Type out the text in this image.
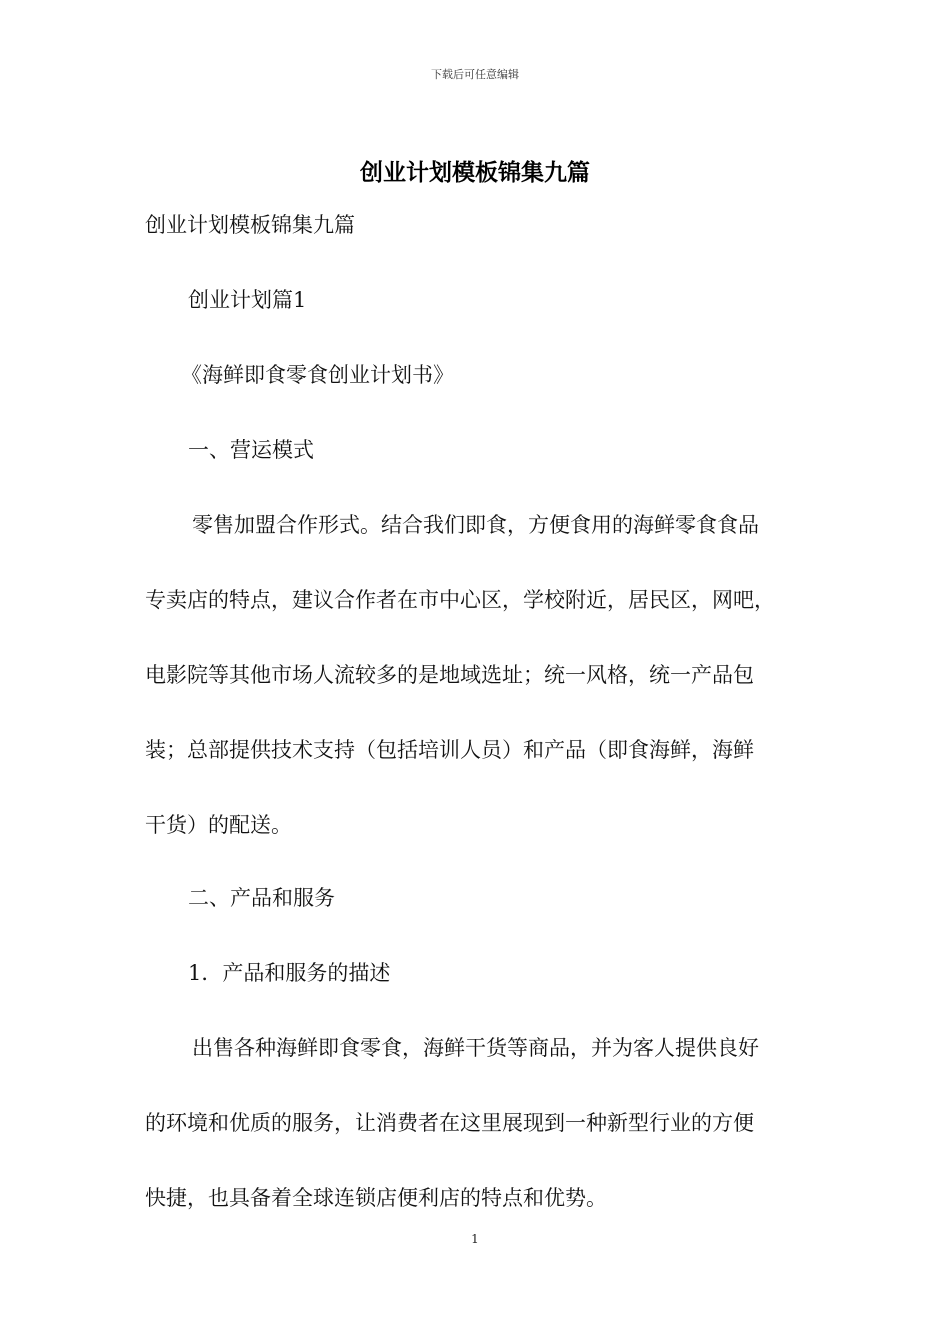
下载后可任意编辑
创业计划模板锦集九篇
创业计划模板锦集九篇
创业计划篇1
《海鲜即食零食创业计划书》
一、营运模式
零售加盟合作形式。结合我们即食，方便食用的海鲜零食食品
专卖店的特点，建议合作者在市中心区，学校附近，居民区，网吧，
电影院等其他市场人流较多的是地域选址；统一风格，统一产品包
装；总部提供技术支持（包括培训人员）和产品（即食海鲜，海鲜
干货）的配送。
二、产品和服务
1．产品和服务的描述
出售各种海鲜即食零食，海鲜干货等商品，并为客人提供良好
的环境和优质的服务，让消费者在这里展现到一种新型行业的方便
快捷，也具备着全球连锁店便利店的特点和优势。
1
